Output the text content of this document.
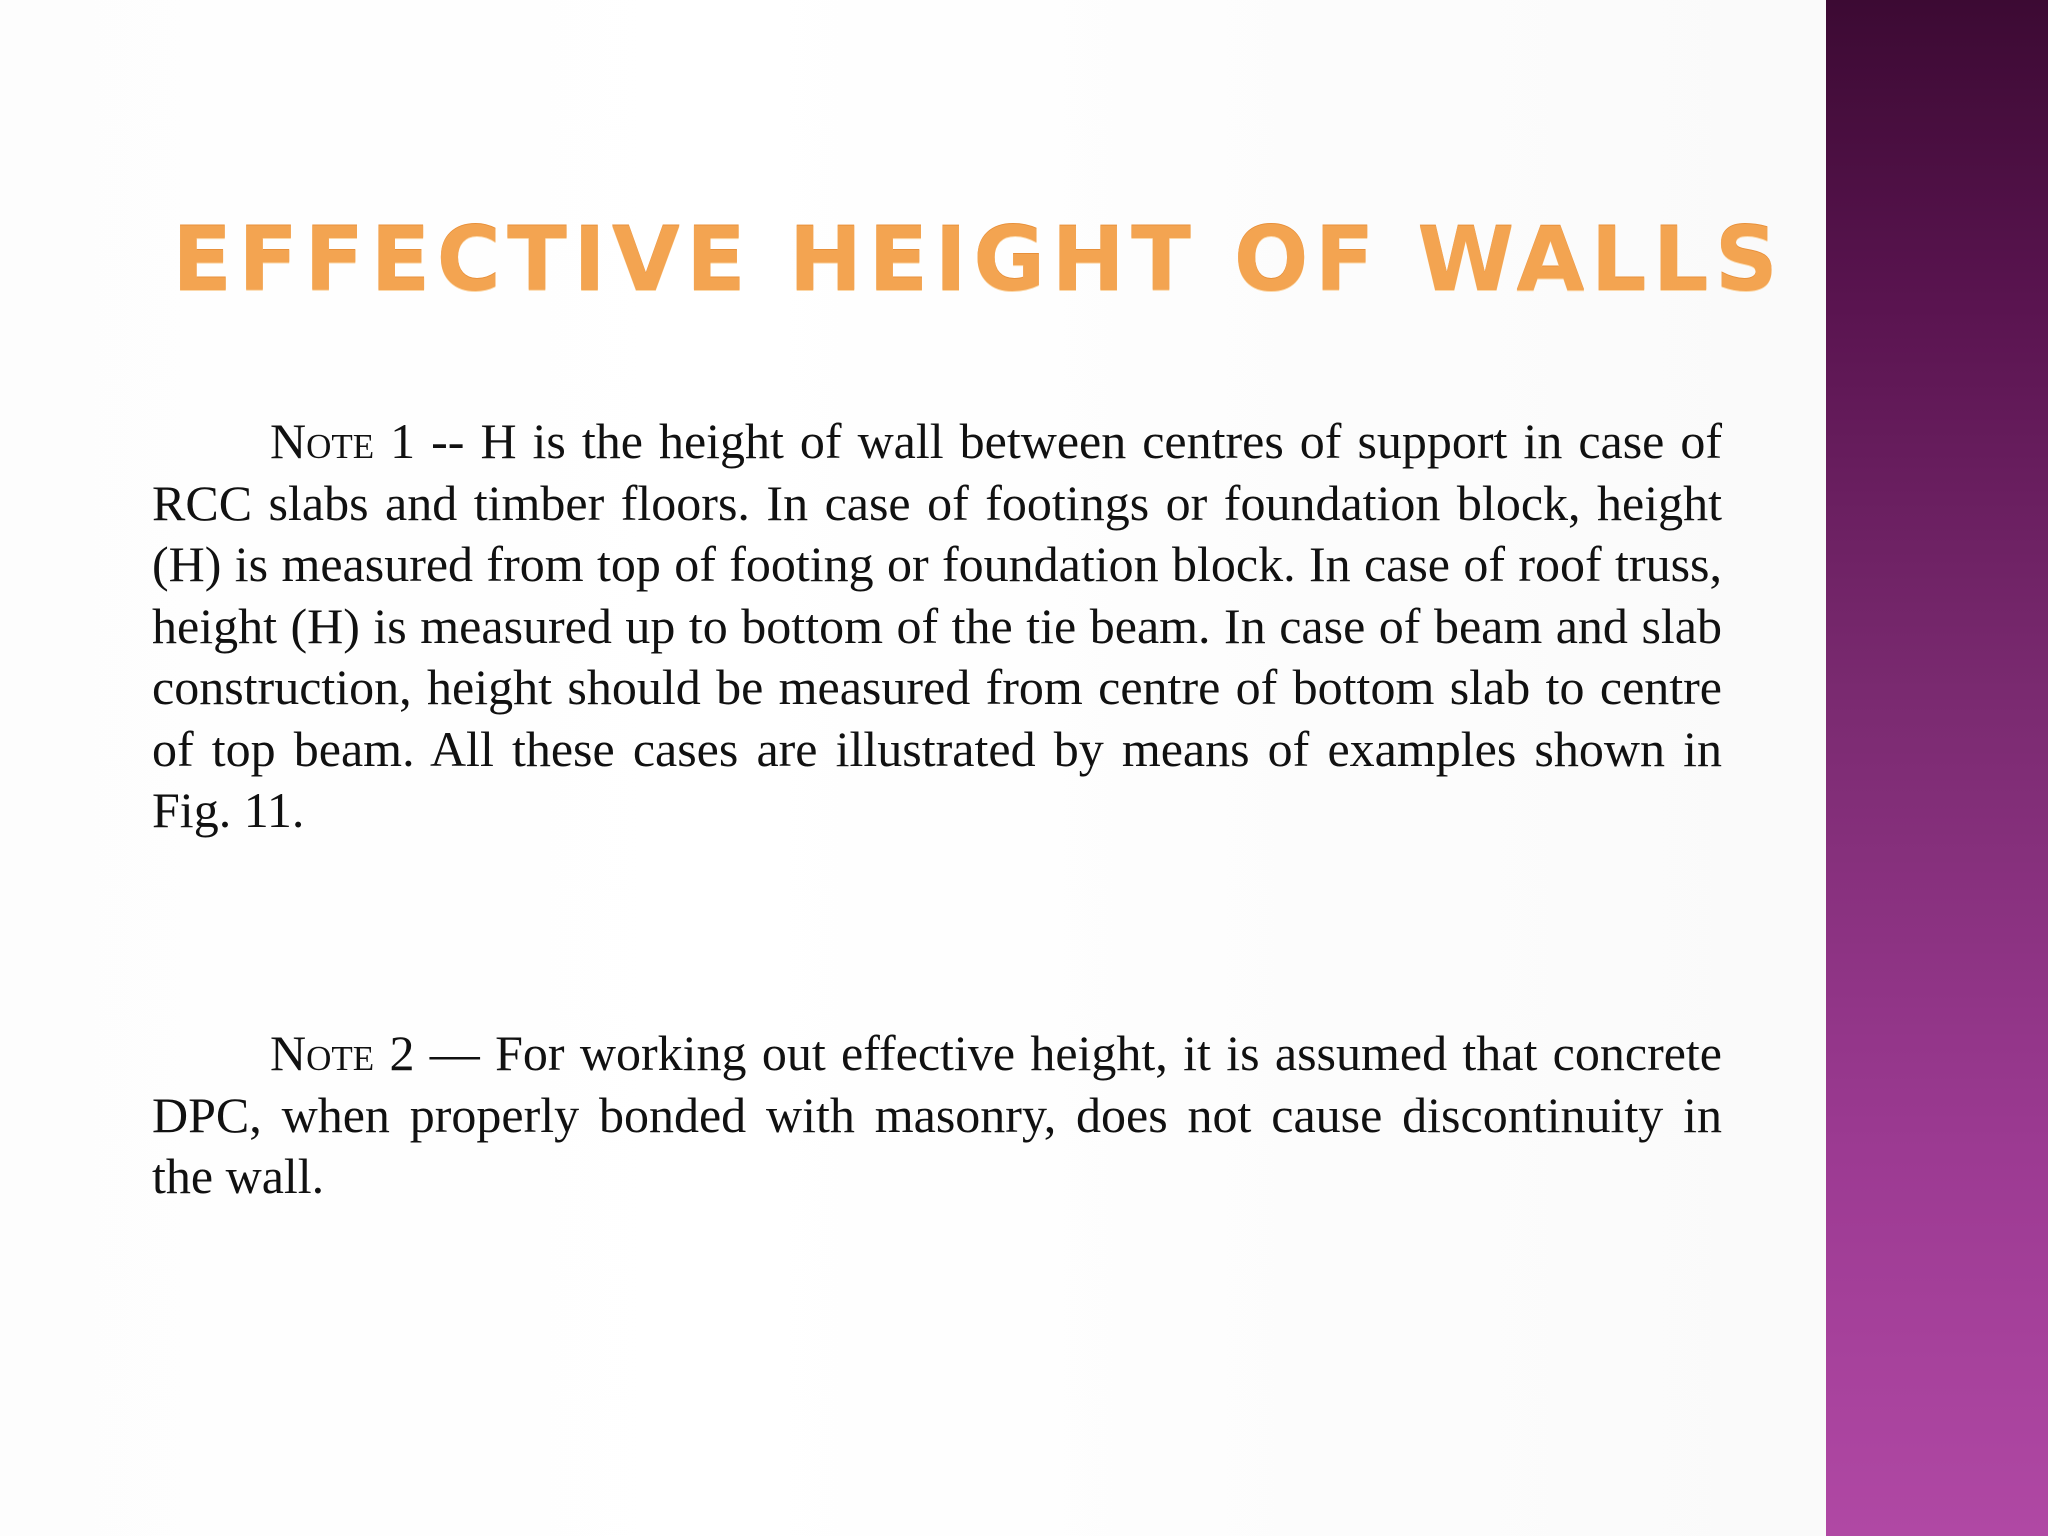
EFFECTIVE HEIGHT OF WALLS
Note 1 -- H is the height of wall between centres of support in case of RCC slabs and timber floors. In case of footings or foundation block, height (H) is measured from top of footing or foundation block. In case of roof truss, height (H) is measured up to bottom of the tie beam. In case of beam and slab construction, height should be measured from centre of bottom slab to centre of top beam. All these cases are illustrated by means of examples shown in Fig. 11.
Note 2 — For working out effective height, it is assumed that concrete DPC, when properly bonded with masonry, does not cause discontinuity in the wall.
